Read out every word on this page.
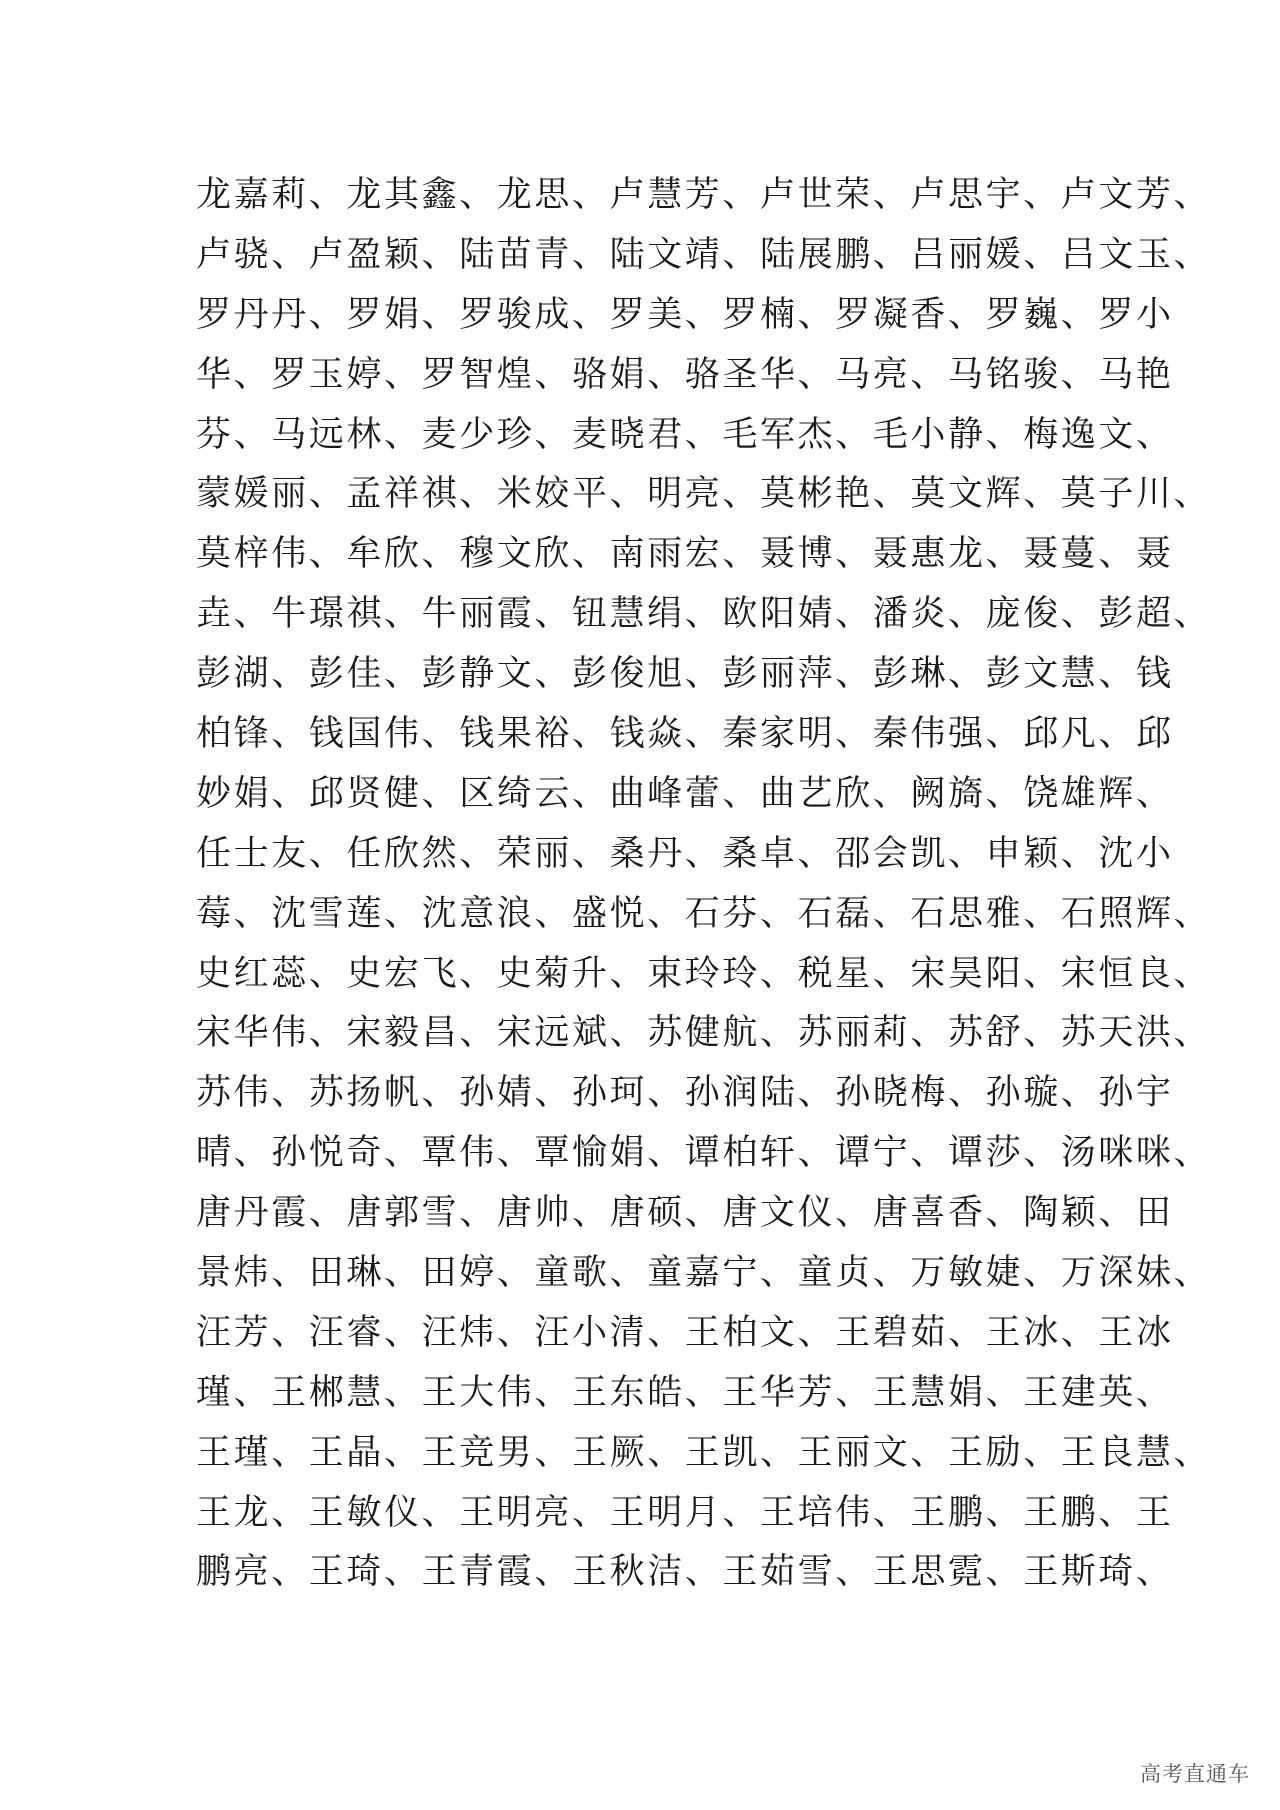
龙嘉莉、龙其鑫、龙思、卢慧芳、卢世荣、卢思宇、卢文芳、
卢骁、卢盈颖、陆苗青、陆文靖、陆展鹏、吕丽媛、吕文玉、
罗丹丹、罗娟、罗骏成、罗美、罗楠、罗凝香、罗巍、罗小
华、罗玉婷、罗智煌、骆娟、骆圣华、马亮、马铭骏、马艳
芬、马远林、麦少珍、麦晓君、毛军杰、毛小静、梅逸文、
蒙媛丽、孟祥祺、米姣平、明亮、莫彬艳、莫文辉、莫子川、
莫梓伟、牟欣、穆文欣、南雨宏、聂博、聂惠龙、聂蔓、聂
垚、牛璟祺、牛丽霞、钮慧绢、欧阳婧、潘炎、庞俊、彭超、
彭湖、彭佳、彭静文、彭俊旭、彭丽萍、彭琳、彭文慧、钱
柏锋、钱国伟、钱果裕、钱焱、秦家明、秦伟强、邱凡、邱
妙娟、邱贤健、区绮云、曲峰蕾、曲艺欣、阙旖、饶雄辉、
任士友、任欣然、荣丽、桑丹、桑卓、邵会凯、申颖、沈小
莓、沈雪莲、沈意浪、盛悦、石芬、石磊、石思雅、石照辉、
史红蕊、史宏飞、史菊升、束玲玲、税星、宋昊阳、宋恒良、
宋华伟、宋毅昌、宋远斌、苏健航、苏丽莉、苏舒、苏天洪、
苏伟、苏扬帆、孙婧、孙珂、孙润陆、孙晓梅、孙璇、孙宇
晴、孙悦奇、覃伟、覃愉娟、谭柏轩、谭宁、谭莎、汤咪咪、
唐丹霞、唐郭雪、唐帅、唐硕、唐文仪、唐喜香、陶颖、田
景炜、田琳、田婷、童歌、童嘉宁、童贞、万敏婕、万深妹、
汪芳、汪睿、汪炜、汪小清、王柏文、王碧茹、王冰、王冰
瑾、王郴慧、王大伟、王东皓、王华芳、王慧娟、王建英、
王瑾、王晶、王竞男、王厥、王凯、王丽文、王励、王良慧、
王龙、王敏仪、王明亮、王明月、王培伟、王鹏、王鹏、王
鹏亮、王琦、王青霞、王秋洁、王茹雪、王思霓、王斯琦、
高考直通车
